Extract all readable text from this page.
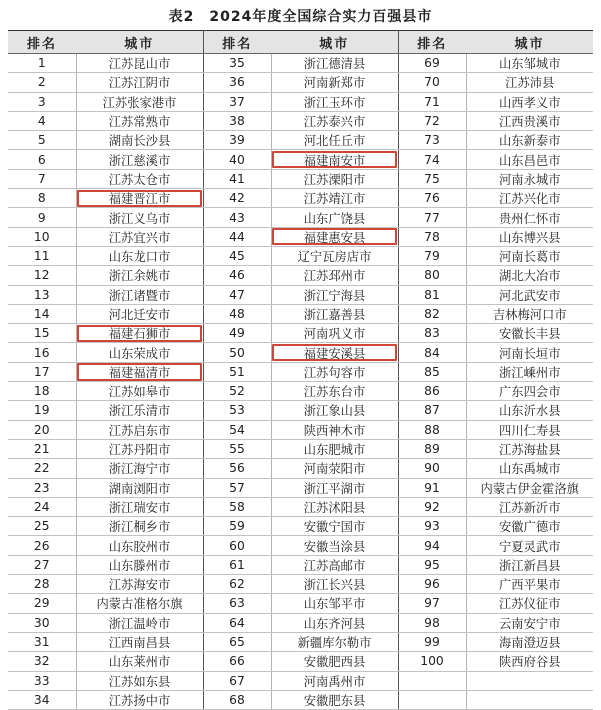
表2　2024年度全国综合实力百强县市
排名	城市	排名	城市	排名	城市
1	江苏昆山市	35	浙江德清县	69	山东邹城市
2	江苏江阴市	36	河南新郑市	70	江苏沛县
3	江苏张家港市	37	浙江玉环市	71	山西孝义市
4	江苏常熟市	38	江苏泰兴市	72	江西贵溪市
5	湖南长沙县	39	河北任丘市	73	山东新泰市
6	浙江慈溪市	40	福建南安市	74	山东昌邑市
7	江苏太仓市	41	江苏溧阳市	75	河南永城市
8	福建晋江市	42	江苏靖江市	76	江苏兴化市
9	浙江义乌市	43	山东广饶县	77	贵州仁怀市
10	江苏宜兴市	44	福建惠安县	78	山东博兴县
11	山东龙口市	45	辽宁瓦房店市	79	河南长葛市
12	浙江余姚市	46	江苏邳州市	80	湖北大冶市
13	浙江诸暨市	47	浙江宁海县	81	河北武安市
14	河北迁安市	48	浙江嘉善县	82	吉林梅河口市
15	福建石狮市	49	河南巩义市	83	安徽长丰县
16	山东荣成市	50	福建安溪县	84	河南长垣市
17	福建福清市	51	江苏句容市	85	浙江嵊州市
18	江苏如皋市	52	江苏东台市	86	广东四会市
19	浙江乐清市	53	浙江象山县	87	山东沂水县
20	江苏启东市	54	陕西神木市	88	四川仁寿县
21	江苏丹阳市	55	山东肥城市	89	江苏海盐县
22	浙江海宁市	56	河南荥阳市	90	山东禹城市
23	湖南浏阳市	57	浙江平湖市	91	内蒙古伊金霍洛旗
24	浙江瑞安市	58	江苏沭阳县	92	江苏新沂市
25	浙江桐乡市	59	安徽宁国市	93	安徽广德市
26	山东胶州市	60	安徽当涂县	94	宁夏灵武市
27	山东滕州市	61	江苏高邮市	95	浙江新昌县
28	江苏海安市	62	浙江长兴县	96	广西平果市
29	内蒙古准格尔旗	63	山东邹平市	97	江苏仪征市
30	浙江温岭市	64	山东齐河县	98	云南安宁市
31	江西南昌县	65	新疆库尔勒市	99	海南澄迈县
32	山东莱州市	66	安徽肥西县	100	陕西府谷县
33	江苏如东县	67	河南禹州市		
34	江苏扬中市	68	安徽肥东县		
